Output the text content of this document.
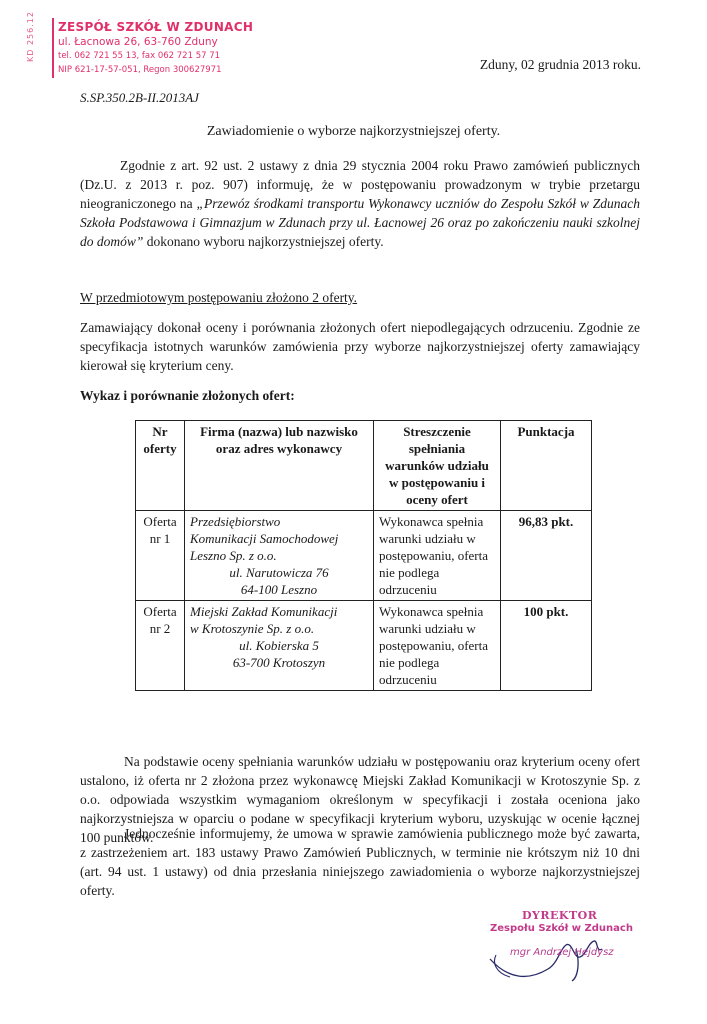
KD 256.12 ZESPÓŁ SZKÓŁ W ZDUNACH
ul. Łacnowa 26, 63-760 Zduny
tel. 062 721 55 13, fax 062 721 57 71
NIP 621-17-57-051, Regon 300627971	Zduny, 02 grudnia 2013 roku.
S.SP.350.2B-II.2013AJ
Zawiadomienie o wyborze najkorzystniejszej oferty.
Zgodnie z art. 92 ust. 2 ustawy z dnia 29 stycznia 2004 roku Prawo zamówień publicznych (Dz.U. z 2013 r. poz. 907) informuję, że w postępowaniu prowadzonym w trybie przetargu nieograniczonego na „Przewóz środkami transportu Wykonawcy uczniów do Zespołu Szkół w Zdunach Szkoła Podstawowa i Gimnazjum w Zdunach przy ul. Łacnowej 26 oraz po zakończeniu nauki szkolnej do domów” dokonano wyboru najkorzystniejszej oferty.
W przedmiotowym postępowaniu złożono 2 oferty.
Zamawiający dokonał oceny i porównania złożonych ofert niepodlegających odrzuceniu. Zgodnie ze specyfikacja istotnych warunków zamówienia przy wyborze najkorzystniejszej oferty zamawiający kierował się kryterium ceny.
Wykaz i porównanie złożonych ofert:
Nr oferty	Firma (nazwa) lub nazwisko oraz adres wykonawcy	Streszczenie spełniania warunków udziału w postępowaniu i oceny ofert	Punktacja
Oferta nr 1	Przedsiębiorstwo
Komunikacji Samochodowej
Leszno Sp. z o.o.
ul. Narutowicza 76
64-100 Leszno	Wykonawca spełnia warunki udziału w postępowaniu, oferta nie podlega odrzuceniu	96,83 pkt.
Oferta nr 2	Miejski Zakład Komunikacji
w Krotoszynie Sp. z o.o.
ul. Kobierska 5
63-700 Krotoszyn	Wykonawca spełnia warunki udziału w postępowaniu, oferta nie podlega odrzuceniu	100 pkt.
Na podstawie oceny spełniania warunków udziału w postępowaniu oraz kryterium oceny ofert ustalono, iż oferta nr 2 złożona przez wykonawcę Miejski Zakład Komunikacji w Krotoszynie Sp. z o.o. odpowiada wszystkim wymaganiom określonym w specyfikacji i została oceniona jako najkorzystniejsza w oparciu o podane w specyfikacji kryterium wyboru, uzyskując w ocenie łącznej 100 punktów.
Jednocześnie informujemy, że umowa w sprawie zamówienia publicznego może być zawarta, z zastrzeżeniem art. 183 ustawy Prawo Zamówień Publicznych, w terminie nie krótszym niż 10 dni (art. 94 ust. 1 ustawy) od dnia przesłania niniejszego zawiadomienia o wyborze najkorzystniejszej oferty.
DYREKTOR
Zespołu Szkół w Zdunach
mgr Andrzej Hejdysz
